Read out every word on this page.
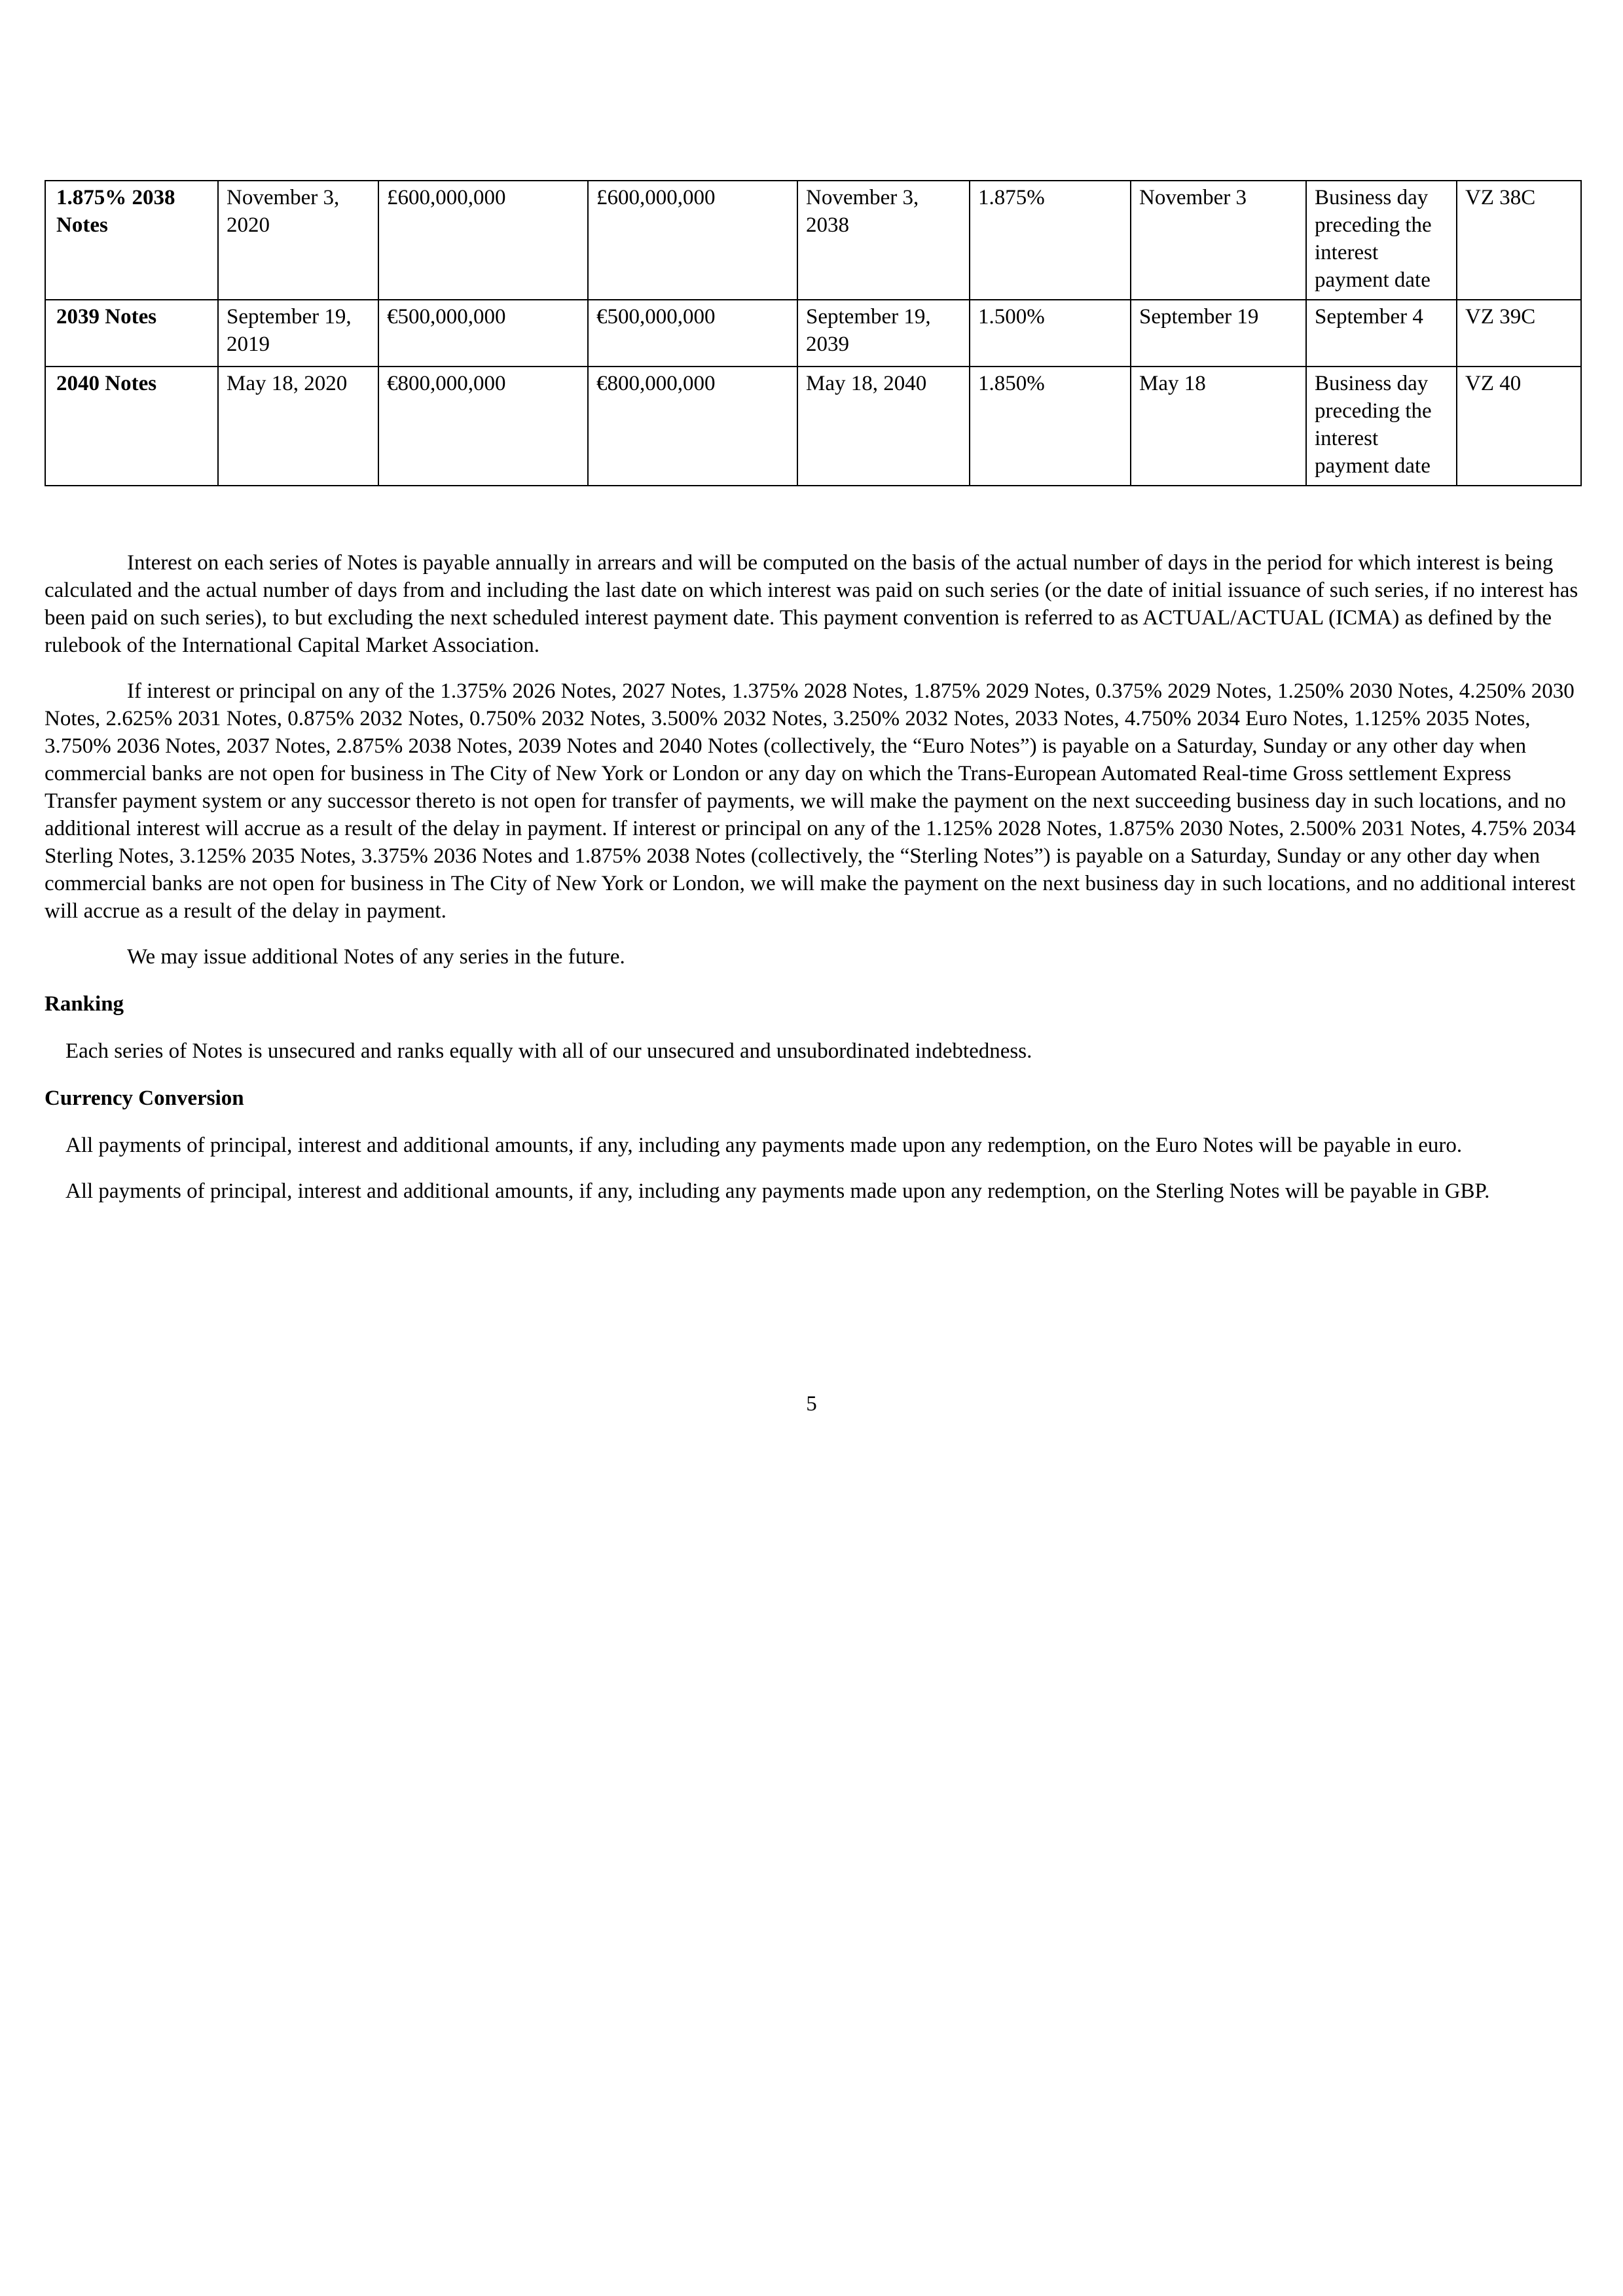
1.875% 2038 Notes	November 3, 2020	£600,000,000	£600,000,000	November 3, 2038	1.875%	November 3	Business day preceding the interest payment date	VZ 38C
2039 Notes	September 19, 2019	€500,000,000	€500,000,000	September 19, 2039	1.500%	September 19	September 4	VZ 39C
2040 Notes	May 18, 2020	€800,000,000	€800,000,000	May 18, 2040	1.850%	May 18	Business day preceding the interest payment date	VZ 40

Interest on each series of Notes is payable annually in arrears and will be computed on the basis of the actual number of days in the period for which interest is being calculated and the actual number of days from and including the last date on which interest was paid on such series (or the date of initial issuance of such series, if no interest has been paid on such series), to but excluding the next scheduled interest payment date. This payment convention is referred to as ACTUAL/ACTUAL (ICMA) as defined by the rulebook of the International Capital Market Association.

If interest or principal on any of the 1.375% 2026 Notes, 2027 Notes, 1.375% 2028 Notes, 1.875% 2029 Notes, 0.375% 2029 Notes, 1.250% 2030 Notes, 4.250% 2030 Notes, 2.625% 2031 Notes, 0.875% 2032 Notes, 0.750% 2032 Notes, 3.500% 2032 Notes, 3.250% 2032 Notes, 2033 Notes, 4.750% 2034 Euro Notes, 1.125% 2035 Notes, 3.750% 2036 Notes, 2037 Notes, 2.875% 2038 Notes, 2039 Notes and 2040 Notes (collectively, the “Euro Notes”) is payable on a Saturday, Sunday or any other day when commercial banks are not open for business in The City of New York or London or any day on which the Trans-European Automated Real-time Gross settlement Express Transfer payment system or any successor thereto is not open for transfer of payments, we will make the payment on the next succeeding business day in such locations, and no additional interest will accrue as a result of the delay in payment. If interest or principal on any of the 1.125% 2028 Notes, 1.875% 2030 Notes, 2.500% 2031 Notes, 4.75% 2034 Sterling Notes, 3.125% 2035 Notes, 3.375% 2036 Notes and 1.875% 2038 Notes (collectively, the “Sterling Notes”) is payable on a Saturday, Sunday or any other day when commercial banks are not open for business in The City of New York or London, we will make the payment on the next business day in such locations, and no additional interest will accrue as a result of the delay in payment.

We may issue additional Notes of any series in the future.

Ranking

Each series of Notes is unsecured and ranks equally with all of our unsecured and unsubordinated indebtedness.

Currency Conversion

All payments of principal, interest and additional amounts, if any, including any payments made upon any redemption, on the Euro Notes will be payable in euro.

All payments of principal, interest and additional amounts, if any, including any payments made upon any redemption, on the Sterling Notes will be payable in GBP.

5
